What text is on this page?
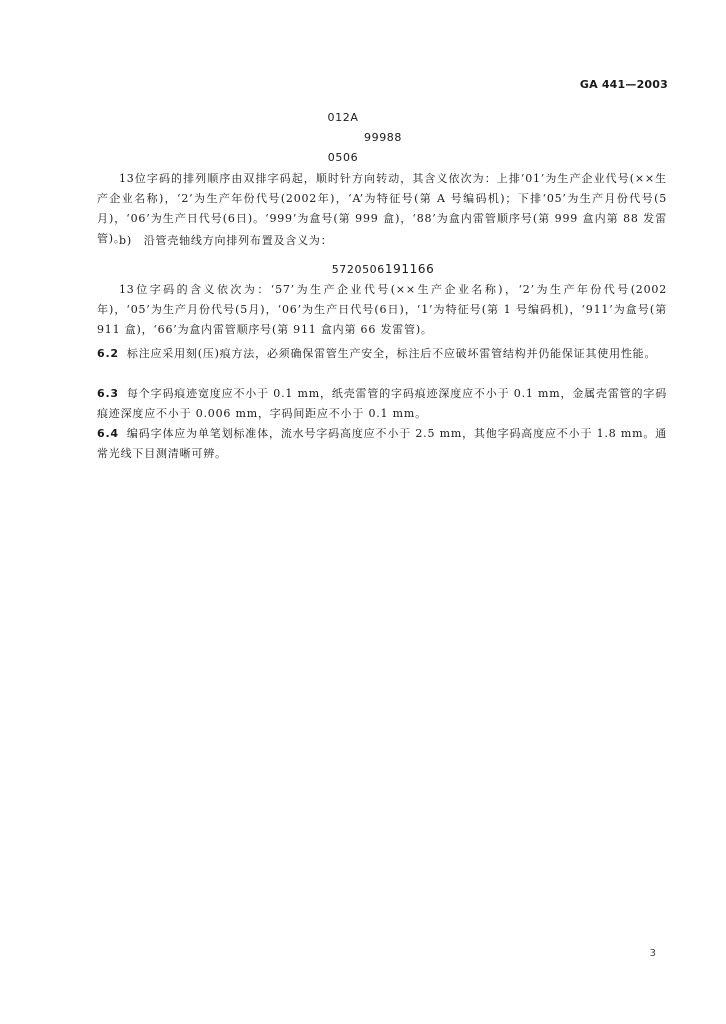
GA 441—2003
012A
99988
0506

13位字码的排列顺序由双排字码起，顺时针方向转动，其含义依次为：上排‘01’为生产企业代号(××生产企业名称)，‘2’为生产年份代号(2002年)，‘A’为特征号(第 A 号编码机)；下排‘05’为生产月份代号(5月)，‘06’为生产日代号(6日)。‘999’为盒号(第 999 盒)，‘88’为盒内雷管顺序号(第 999 盒内第 88 发雷管)。

b)　沿管壳轴线方向排列布置及含义为：

5720506191166

13位字码的含义依次为：‘57’为生产企业代号(××生产企业名称)，‘2’为生产年份代号(2002年)，‘05’为生产月份代号(5月)，‘06’为生产日代号(6日)，‘1’为特征号(第 1 号编码机)，‘911’为盒号(第 911 盒)，‘66’为盒内雷管顺序号(第 911 盒内第 66 发雷管)。

6.2 标注应采用刻(压)痕方法，必须确保雷管生产安全，标注后不应破坏雷管结构并仍能保证其使用性能。

6.3 每个字码痕迹宽度应不小于 0.1 mm，纸壳雷管的字码痕迹深度应不小于 0.1 mm，金属壳雷管的字码痕迹深度应不小于 0.006 mm，字码间距应不小于 0.1 mm。

6.4 编码字体应为单笔划标准体，流水号字码高度应不小于 2.5 mm，其他字码高度应不小于 1.8 mm。通常光线下目测清晰可辨。

3
